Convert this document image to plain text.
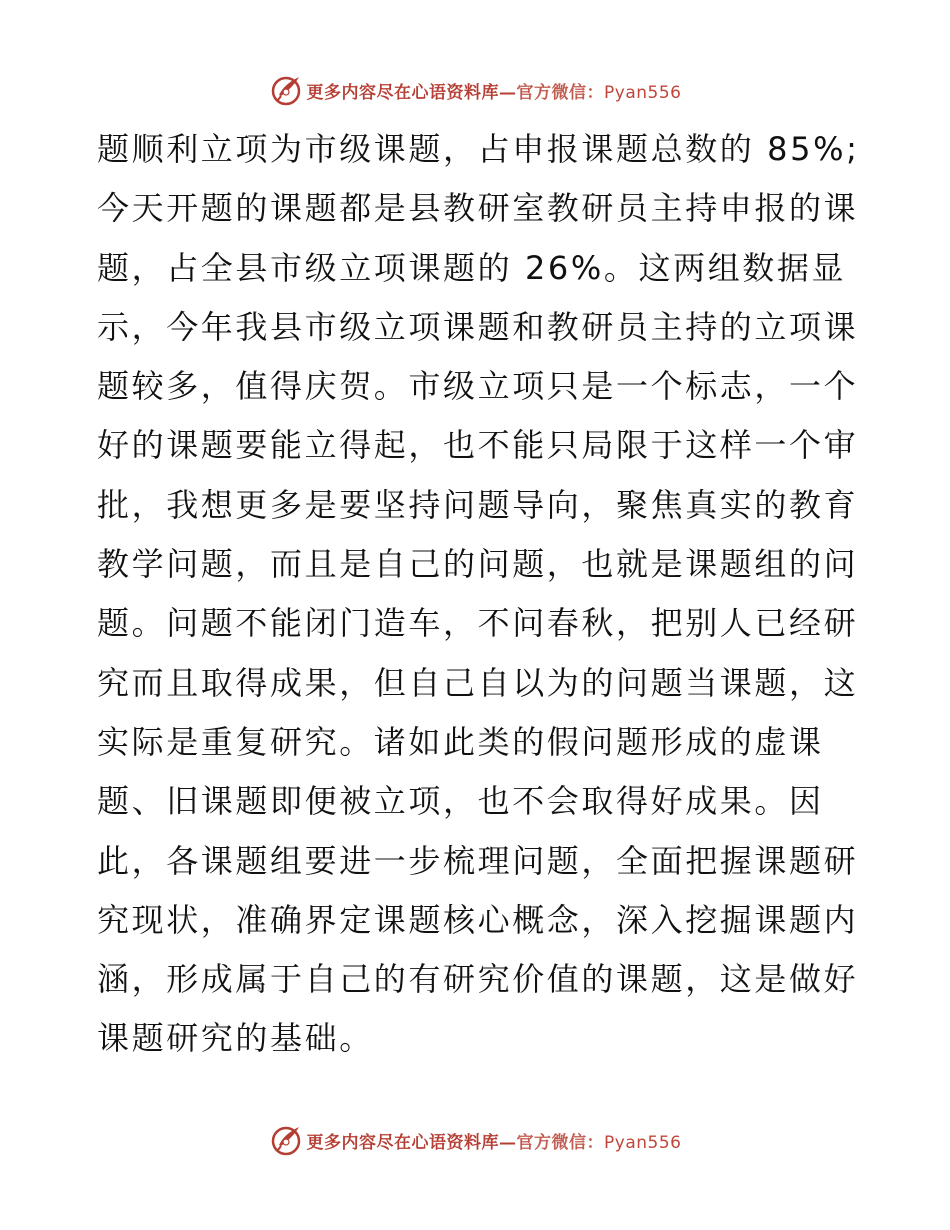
更多内容尽在心语资料库—官方微信：Pyan556
题顺利立项为市级课题，占申报课题总数的 85%;
今天开题的课题都是县教研室教研员主持申报的课
题，占全县市级立项课题的 26%。这两组数据显
示，今年我县市级立项课题和教研员主持的立项课
题较多，值得庆贺。市级立项只是一个标志，一个
好的课题要能立得起，也不能只局限于这样一个审
批，我想更多是要坚持问题导向，聚焦真实的教育
教学问题，而且是自己的问题，也就是课题组的问
题。问题不能闭门造车，不问春秋，把别人已经研
究而且取得成果，但自己自以为的问题当课题，这
实际是重复研究。诸如此类的假问题形成的虚课
题、旧课题即便被立项，也不会取得好成果。因
此，各课题组要进一步梳理问题，全面把握课题研
究现状，准确界定课题核心概念，深入挖掘课题内
涵，形成属于自己的有研究价值的课题，这是做好
课题研究的基础。
更多内容尽在心语资料库—官方微信：Pyan556
